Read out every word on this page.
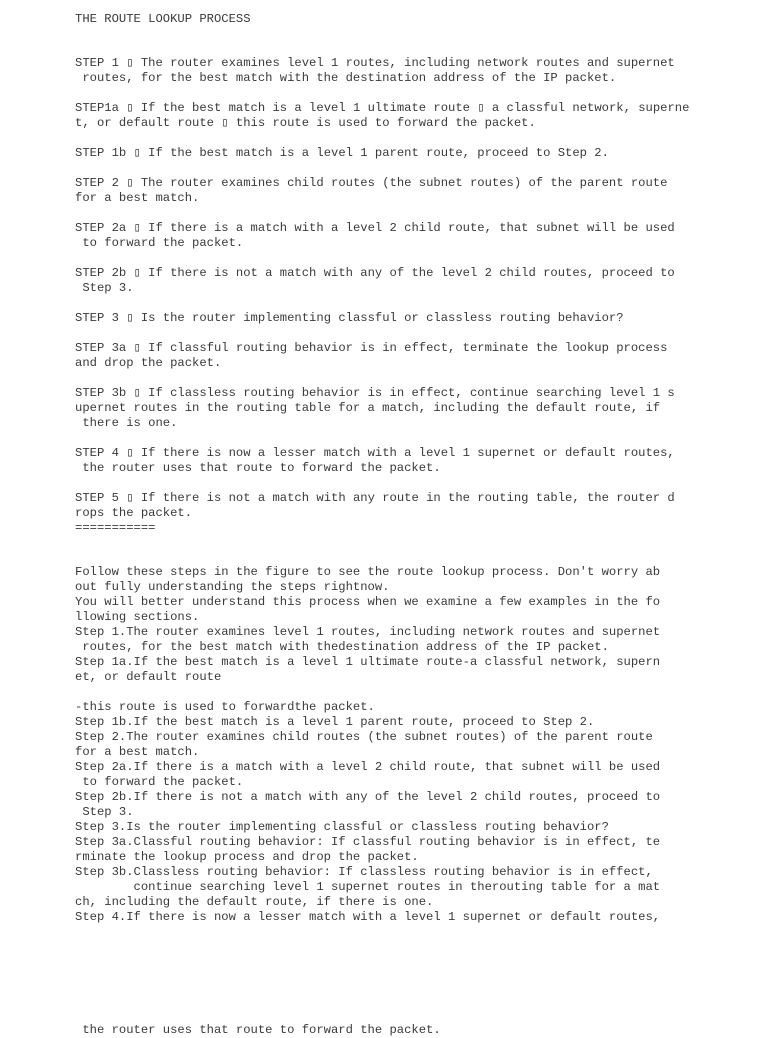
THE ROUTE LOOKUP PROCESS
STEP 1 ▯ The router examines level 1 routes, including network routes and supernet
routes, for the best match with the destination address of the IP packet.
STEP1a ▯ If the best match is a level 1 ultimate route ▯ a classful network, superne
t, or default route ▯ this route is used to forward the packet.
STEP 1b ▯ If the best match is a level 1 parent route, proceed to Step 2.
STEP 2 ▯ The router examines child routes (the subnet routes) of the parent route
for a best match.
STEP 2a ▯ If there is a match with a level 2 child route, that subnet will be used
to forward the packet.
STEP 2b ▯ If there is not a match with any of the level 2 child routes, proceed to
Step 3.
STEP 3 ▯ Is the router implementing classful or classless routing behavior?
STEP 3a ▯ If classful routing behavior is in effect, terminate the lookup process
and drop the packet.
STEP 3b ▯ If classless routing behavior is in effect, continue searching level 1 s
upernet routes in the routing table for a match, including the default route, if
there is one.
STEP 4 ▯ If there is now a lesser match with a level 1 supernet or default routes,
the router uses that route to forward the packet.
STEP 5 ▯ If there is not a match with any route in the routing table, the router d
rops the packet.
===========
Follow these steps in the figure to see the route lookup process. Don't worry ab
out fully understanding the steps rightnow.
You will better understand this process when we examine a few examples in the fo
llowing sections.
Step 1.The router examines level 1 routes, including network routes and supernet
routes, for the best match with thedestination address of the IP packet.
Step 1a.If the best match is a level 1 ultimate route-a classful network, supern
et, or default route
-this route is used to forwardthe packet.
Step 1b.If the best match is a level 1 parent route, proceed to Step 2.
Step 2.The router examines child routes (the subnet routes) of the parent route
for a best match.
Step 2a.If there is a match with a level 2 child route, that subnet will be used
to forward the packet.
Step 2b.If there is not a match with any of the level 2 child routes, proceed to
Step 3.
Step 3.Is the router implementing classful or classless routing behavior?
Step 3a.Classful routing behavior: If classful routing behavior is in effect, te
rminate the lookup process and drop the packet.
Step 3b.Classless routing behavior: If classless routing behavior is in effect,
continue searching level 1 supernet routes in therouting table for a mat
ch, including the default route, if there is one.
Step 4.If there is now a lesser match with a level 1 supernet or default routes,
the router uses that route to forward the packet.
